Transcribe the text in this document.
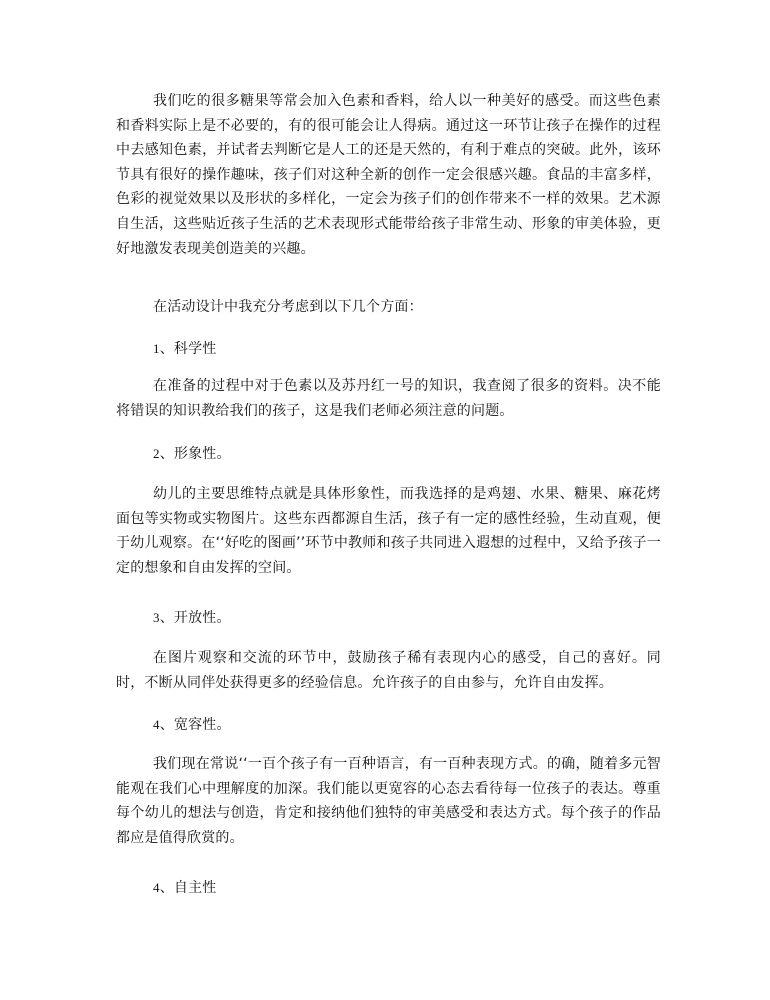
我们吃的很多糖果等常会加入色素和香料，给人以一种美好的感受。而这些色素和香料实际上是不必要的，有的很可能会让人得病。通过这一环节让孩子在操作的过程中去感知色素，并试者去判断它是人工的还是天然的，有利于难点的突破。此外，该环节具有很好的操作趣味，孩子们对这种全新的创作一定会很感兴趣。食品的丰富多样，色彩的视觉效果以及形状的多样化，一定会为孩子们的创作带来不一样的效果。艺术源自生活，这些贴近孩子生活的艺术表现形式能带给孩子非常生动、形象的审美体验，更好地激发表现美创造美的兴趣。

在活动设计中我充分考虑到以下几个方面：

1、科学性

在准备的过程中对于色素以及苏丹红一号的知识，我查阅了很多的资料。决不能将错误的知识教给我们的孩子，这是我们老师必须注意的问题。

2、形象性。

幼儿的主要思维特点就是具体形象性，而我选择的是鸡翅、水果、糖果、麻花烤面包等实物或实物图片。这些东西都源自生活，孩子有一定的感性经验，生动直观，便于幼儿观察。在‘‘好吃的图画’’环节中教师和孩子共同进入遐想的过程中，又给予孩子一定的想象和自由发挥的空间。

3、开放性。

在图片观察和交流的环节中，鼓励孩子稀有表现内心的感受，自己的喜好。同时，不断从同伴处获得更多的经验信息。允许孩子的自由参与，允许自由发挥。

4、宽容性。

我们现在常说‘‘一百个孩子有一百种语言，有一百种表现方式。的确，随着多元智能观在我们心中理解度的加深。我们能以更宽容的心态去看待每一位孩子的表达。尊重每个幼儿的想法与创造，肯定和接纳他们独特的审美感受和表达方式。每个孩子的作品都应是值得欣赏的。

4、自主性
